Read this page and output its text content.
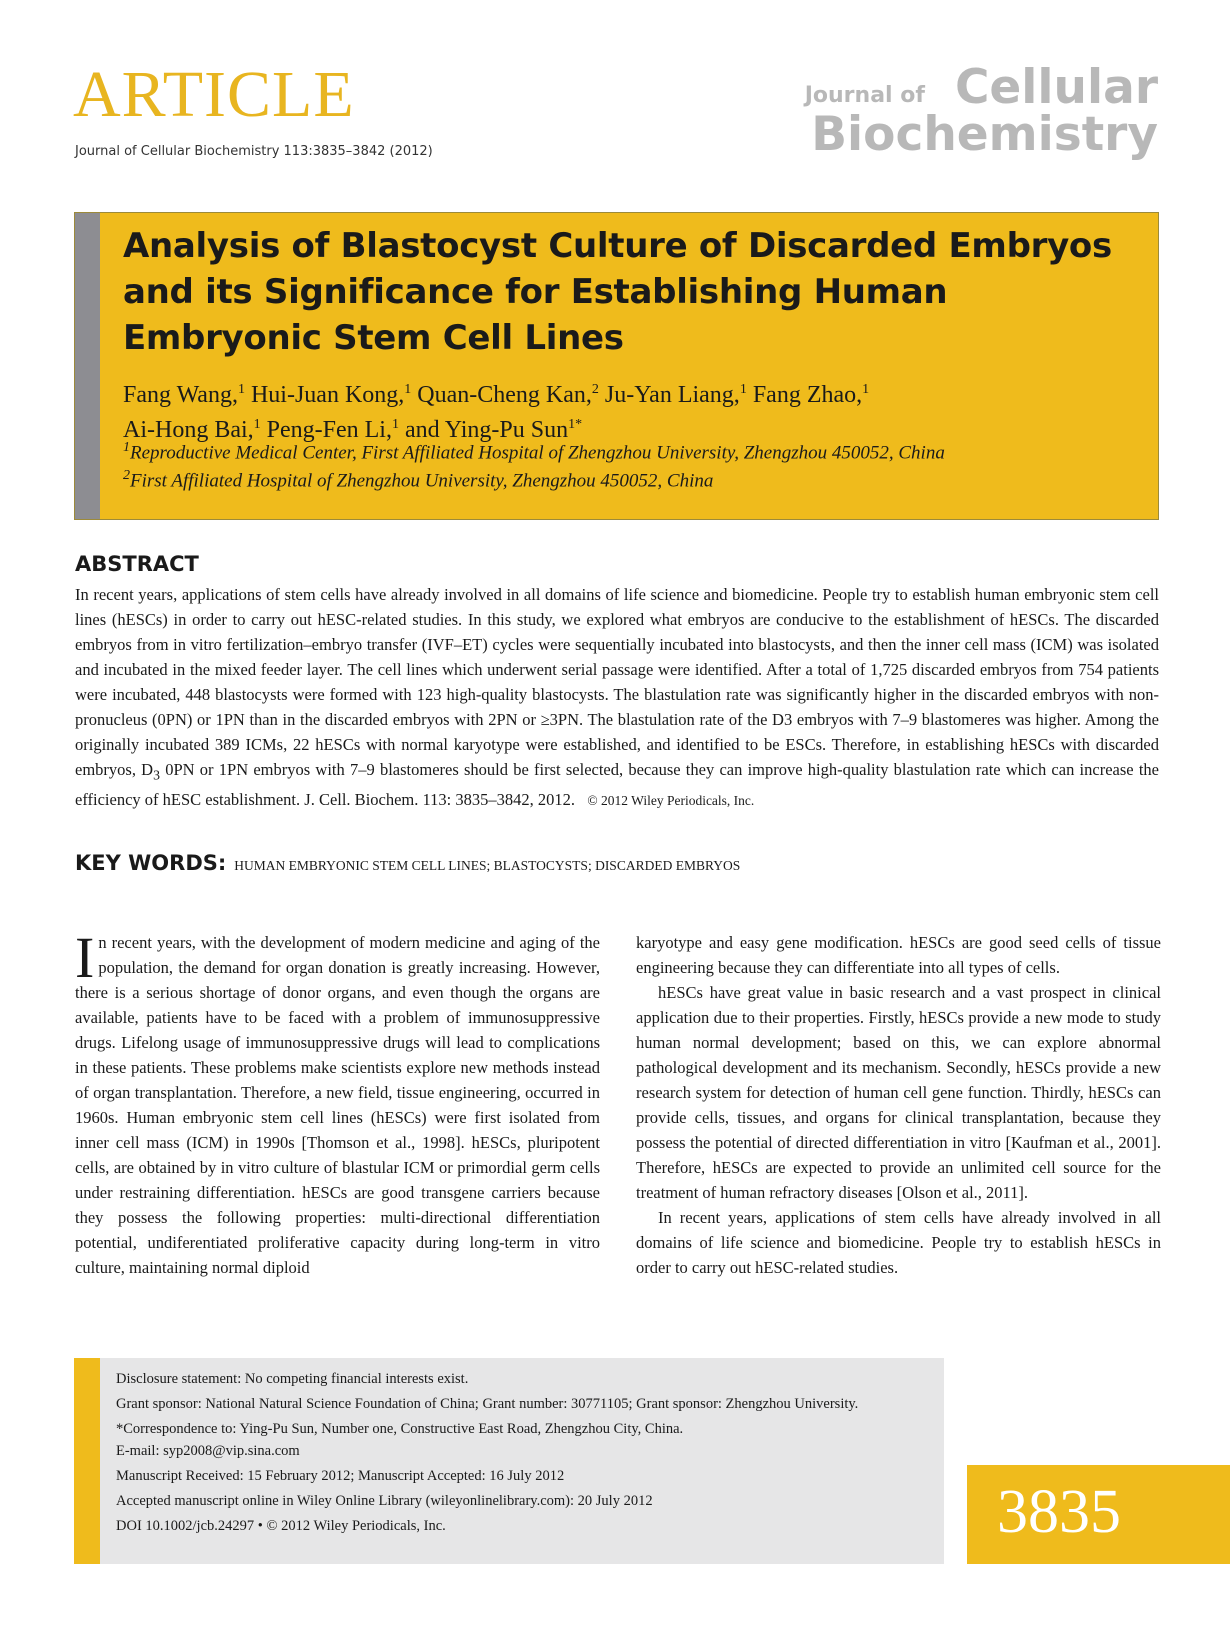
ARTICLE
Journal of Cellular Biochemistry 113:3835–3842 (2012)
Journal of Cellular
Biochemistry
Analysis of Blastocyst Culture of Discarded Embryos and its Significance for Establishing Human Embryonic Stem Cell Lines
Fang Wang,$^1$ Hui-Juan Kong,$^1$ Quan-Cheng Kan,$^2$ Ju-Yan Liang,$^1$ Fang Zhao,$^1$
Ai-Hong Bai,$^1$ Peng-Fen Li,$^1$ and Ying-Pu Sun$^{1*}$
$^1$Reproductive Medical Center, First Affiliated Hospital of Zhengzhou University, Zhengzhou 450052, China
$^2$First Affiliated Hospital of Zhengzhou University, Zhengzhou 450052, China
ABSTRACT
In recent years, applications of stem cells have already involved in all domains of life science and biomedicine. People try to establish human embryonic stem cell lines (hESCs) in order to carry out hESC-related studies. In this study, we explored what embryos are conducive to the establishment of hESCs. The discarded embryos from in vitro fertilization–embryo transfer (IVF–ET) cycles were sequentially incubated into blastocysts, and then the inner cell mass (ICM) was isolated and incubated in the mixed feeder layer. The cell lines which underwent serial passage were identified. After a total of 1,725 discarded embryos from 754 patients were incubated, 448 blastocysts were formed with 123 high-quality blastocysts. The blastulation rate was significantly higher in the discarded embryos with non-pronucleus (0PN) or 1PN than in the discarded embryos with 2PN or ≥3PN. The blastulation rate of the D3 embryos with 7–9 blastomeres was higher. Among the originally incubated 389 ICMs, 22 hESCs with normal karyotype were established, and identified to be ESCs. Therefore, in establishing hESCs with discarded embryos, $D_3$ 0PN or 1PN embryos with 7–9 blastomeres should be first selected, because they can improve high-quality blastulation rate which can increase the efficiency of hESC establishment. J. Cell. Biochem. 113: 3835–3842, 2012. © 2012 Wiley Periodicals, Inc.
KEY WORDS: HUMAN EMBRYONIC STEM CELL LINES; BLASTOCYSTS; DISCARDED EMBRYOS

In recent years, with the development of modern medicine and aging of the population, the demand for organ donation is greatly increasing. However, there is a serious shortage of donor organs, and even though the organs are available, patients have to be faced with a problem of immunosuppressive drugs. Lifelong usage of immunosuppressive drugs will lead to complications in these patients. These problems make scientists explore new methods instead of organ transplantation. Therefore, a new field, tissue engineering, occurred in 1960s. Human embryonic stem cell lines (hESCs) were first isolated from inner cell mass (ICM) in 1990s [Thomson et al., 1998]. hESCs, pluripotent cells, are obtained by in vitro culture of blastular ICM or primordial germ cells under restraining differentiation. hESCs are good transgene carriers because they possess the following properties: multi-directional differentiation potential, undiferentiated proliferative capacity during long-term in vitro culture, maintaining normal diploid

karyotype and easy gene modification. hESCs are good seed cells of tissue engineering because they can differentiate into all types of cells.

hESCs have great value in basic research and a vast prospect in clinical application due to their properties. Firstly, hESCs provide a new mode to study human normal development; based on this, we can explore abnormal pathological development and its mechanism. Secondly, hESCs provide a new research system for detection of human cell gene function. Thirdly, hESCs can provide cells, tissues, and organs for clinical transplantation, because they possess the potential of directed differentiation in vitro [Kaufman et al., 2001]. Therefore, hESCs are expected to provide an unlimited cell source for the treatment of human refractory diseases [Olson et al., 2011].

In recent years, applications of stem cells have already involved in all domains of life science and biomedicine. People try to establish hESCs in order to carry out hESC-related studies.

Disclosure statement: No competing financial interests exist.
Grant sponsor: National Natural Science Foundation of China; Grant number: 30771105; Grant sponsor: Zhengzhou University.
*Correspondence to: Ying-Pu Sun, Number one, Constructive East Road, Zhengzhou City, China.
E-mail: syp2008@vip.sina.com
Manuscript Received: 15 February 2012; Manuscript Accepted: 16 July 2012
Accepted manuscript online in Wiley Online Library (wileyonlinelibrary.com): 20 July 2012
DOI 10.1002/jcb.24297 • © 2012 Wiley Periodicals, Inc.	3835
